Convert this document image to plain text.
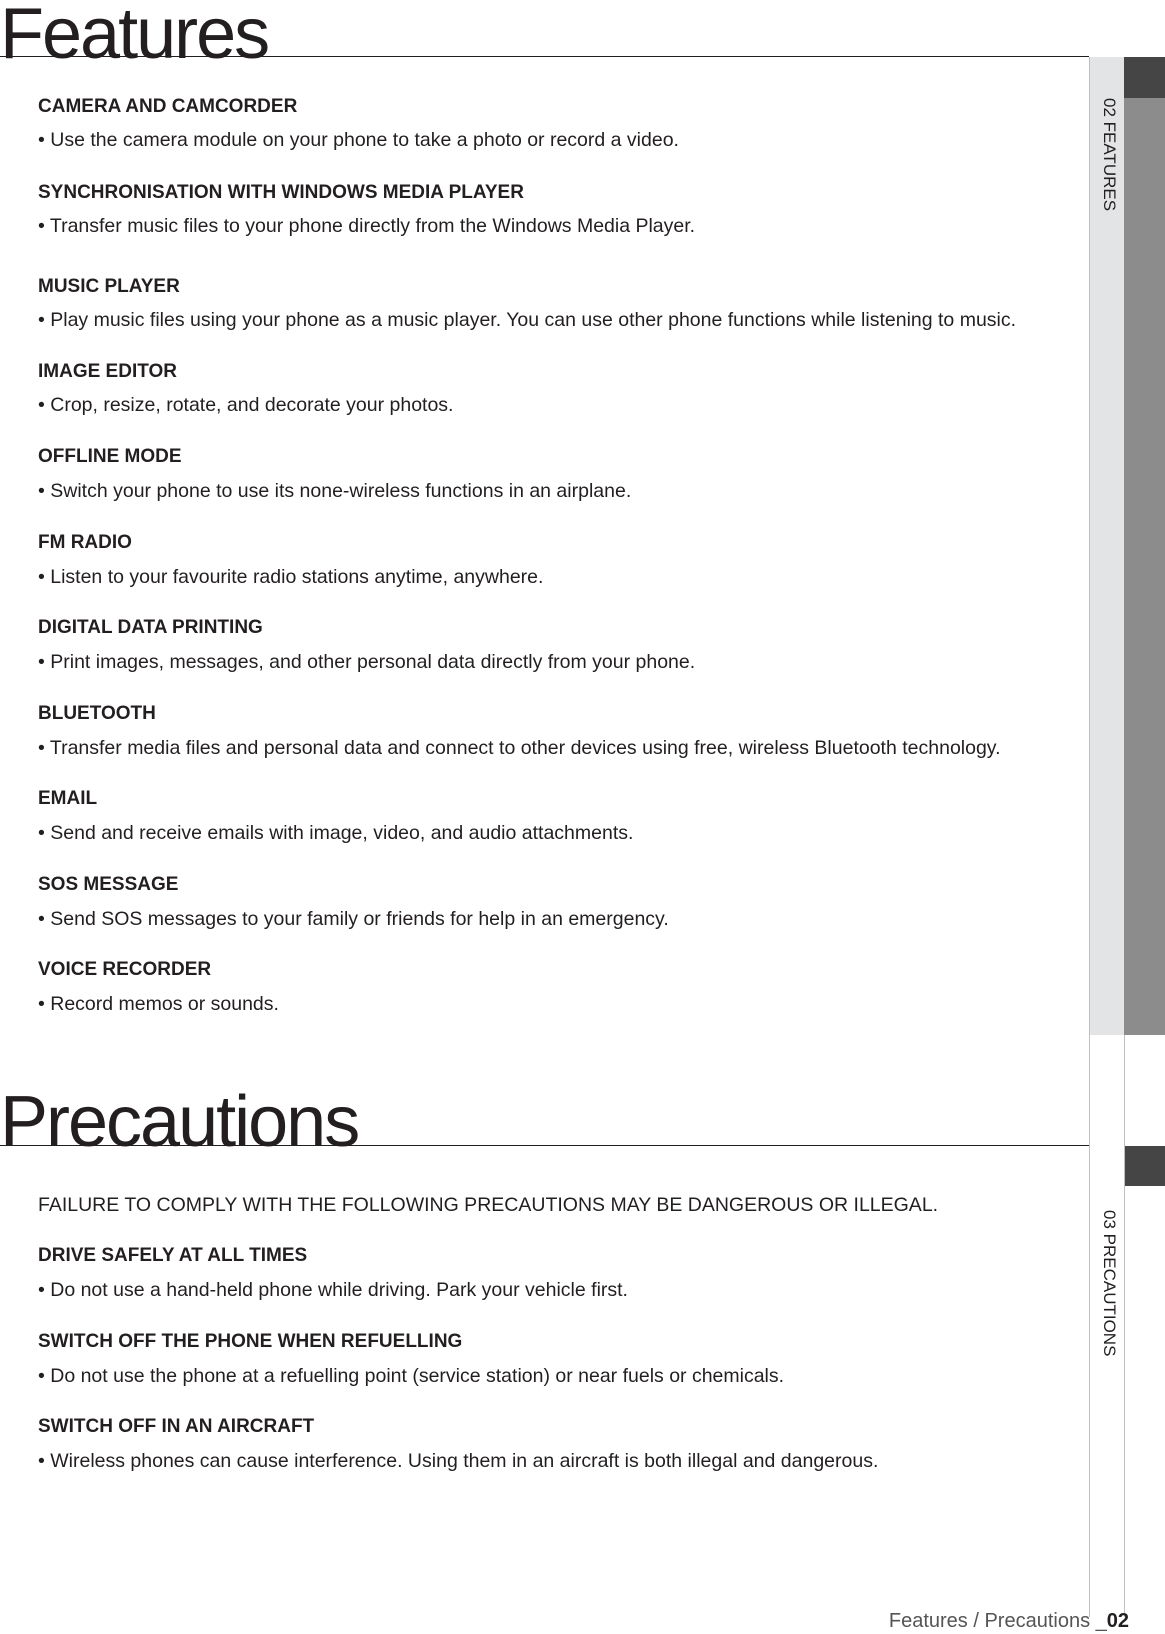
02 FEATURES
03 PRECAUTIONS
Features
CAMERA AND CAMCORDER
• Use the camera module on your phone to take a photo or record a video.
SYNCHRONISATION WITH WINDOWS MEDIA PLAYER
• Transfer music files to your phone directly from the Windows Media Player.
MUSIC PLAYER
• Play music files using your phone as a music player. You can use other phone functions while listening to music.
IMAGE EDITOR
• Crop, resize, rotate, and decorate your photos.
OFFLINE MODE
• Switch your phone to use its none-wireless functions in an airplane.
FM RADIO
• Listen to your favourite radio stations anytime, anywhere.
DIGITAL DATA PRINTING
• Print images, messages, and other personal data directly from your phone.
BLUETOOTH
• Transfer media files and personal data and connect to other devices using free, wireless Bluetooth technology.
EMAIL
• Send and receive emails with image, video, and audio attachments.
SOS MESSAGE
• Send SOS messages to your family or friends for help in an emergency.
VOICE RECORDER
• Record memos or sounds.
Precautions
FAILURE TO COMPLY WITH THE FOLLOWING PRECAUTIONS MAY BE DANGEROUS OR ILLEGAL.
DRIVE SAFELY AT ALL TIMES
• Do not use a hand-held phone while driving. Park your vehicle first.
SWITCH OFF THE PHONE WHEN REFUELLING
• Do not use the phone at a refuelling point (service station) or near fuels or chemicals.
SWITCH OFF IN AN AIRCRAFT
• Wireless phones can cause interference. Using them in an aircraft is both illegal and dangerous.
Features / Precautions _02
